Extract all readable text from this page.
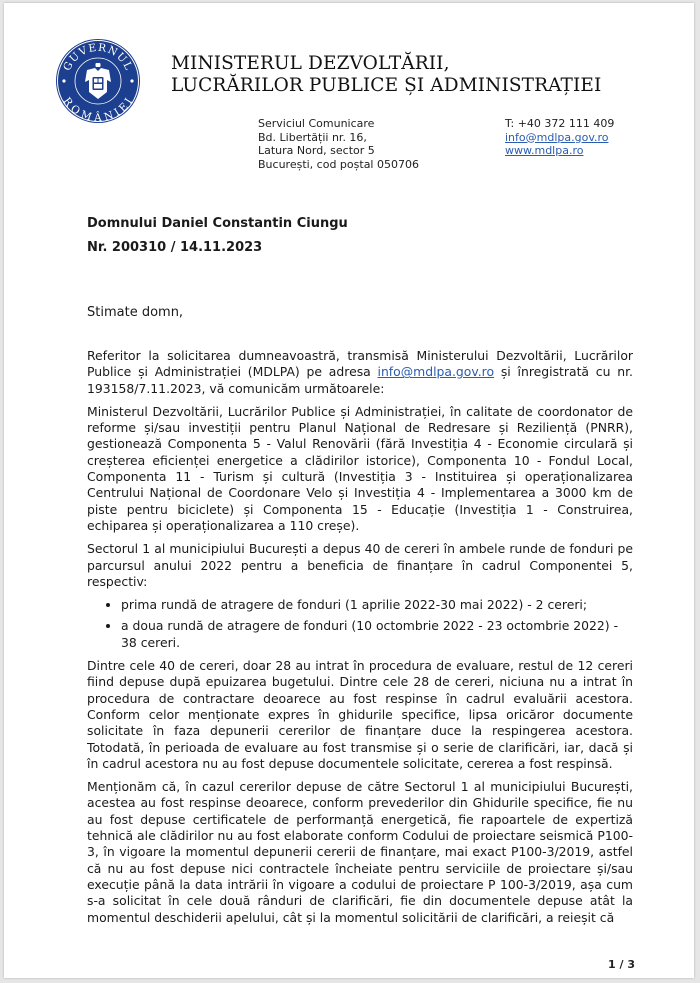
GUVERNUL
ROMÂNIEI
MINISTERUL DEZVOLTĂRII,
LUCRĂRILOR PUBLICE ȘI ADMINISTRAȚIEI
Serviciul Comunicare
Bd. Libertății nr. 16,
Latura Nord, sector 5
București, cod poștal 050706
T: +40 372 111 409
info@mdlpa.gov.ro
www.mdlpa.ro
Domnului Daniel Constantin Ciungu
Nr. 200310 / 14.11.2023
Stimate domn,

Referitor la solicitarea dumneavoastră, transmisă Ministerului Dezvoltării, Lucrărilor Publice și Administrației (MDLPA) pe adresa info@mdlpa.gov.ro și înregistrată cu nr. 193158/7.11.2023, vă comunicăm următoarele:

Ministerul Dezvoltării, Lucrărilor Publice și Administrației, în calitate de coordonator de reforme și/sau investiții pentru Planul Național de Redresare și Reziliență (PNRR), gestionează Componenta 5 - Valul Renovării (fără Investiția 4 - Economie circulară și creșterea eficienței energetice a clădirilor istorice), Componenta 10 - Fondul Local, Componenta 11 - Turism și cultură (Investiția 3 - Instituirea și operaționalizarea Centrului Național de Coordonare Velo și Investiția 4 - Implementarea a 3000 km de piste pentru biciclete) și Componenta 15 - Educație (Investiția 1 - Construirea, echiparea și operaționalizarea a 110 creșe).

Sectorul 1 al municipiului București a depus 40 de cereri în ambele runde de fonduri pe parcursul anului 2022 pentru a beneficia de finanțare în cadrul Componentei 5, respectiv:

• prima rundă de atragere de fonduri (1 aprilie 2022-30 mai 2022) - 2 cereri;
• a doua rundă de atragere de fonduri (10 octombrie 2022 - 23 octombrie 2022) - 38 cereri.

Dintre cele 40 de cereri, doar 28 au intrat în procedura de evaluare, restul de 12 cereri fiind depuse după epuizarea bugetului. Dintre cele 28 de cereri, niciuna nu a intrat în procedura de contractare deoarece au fost respinse în cadrul evaluării acestora. Conform celor menționate expres în ghidurile specifice, lipsa oricăror documente solicitate în faza depunerii cererilor de finanțare duce la respingerea acestora. Totodată, în perioada de evaluare au fost transmise și o serie de clarificări, iar, dacă și în cadrul acestora nu au fost depuse documentele solicitate, cererea a fost respinsă.

Menționăm că, în cazul cererilor depuse de către Sectorul 1 al municipiului București, acestea au fost respinse deoarece, conform prevederilor din Ghidurile specifice, fie nu au fost depuse certificatele de performanță energetică, fie rapoartele de expertiză tehnică ale clădirilor nu au fost elaborate conform Codului de proiectare seismică P100-3, în vigoare la momentul depunerii cererii de finanțare, mai exact P100-3/2019, astfel că nu au fost depuse nici contractele încheiate pentru serviciile de proiectare și/sau execuție până la data intrării în vigoare a codului de proiectare P 100-3/2019, așa cum s-a solicitat în cele două rânduri de clarificări, fie din documentele depuse atât la momentul deschiderii apelului, cât și la momentul solicitării de clarificări, a reieșit că

1 / 3
